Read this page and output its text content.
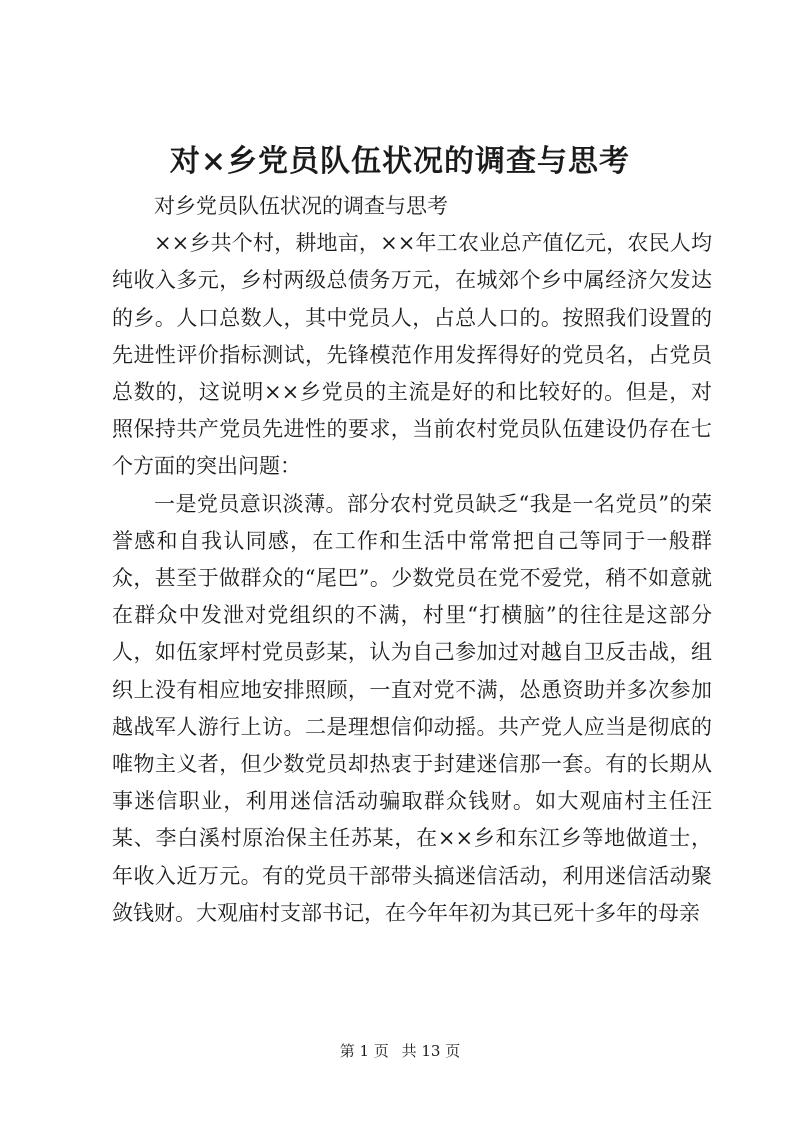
对×乡党员队伍状况的调查与思考

对乡党员队伍状况的调查与思考

××乡共个村，耕地亩，××年工农业总产值亿元，农民人均纯收入多元，乡村两级总债务万元，在城郊个乡中属经济欠发达的乡。人口总数人，其中党员人，占总人口的。按照我们设置的先进性评价指标测试，先锋模范作用发挥得好的党员名，占党员总数的，这说明××乡党员的主流是好的和比较好的。但是，对照保持共产党员先进性的要求，当前农村党员队伍建设仍存在七个方面的突出问题：

一是党员意识淡薄。部分农村党员缺乏“我是一名党员”的荣誉感和自我认同感，在工作和生活中常常把自己等同于一般群众，甚至于做群众的“尾巴”。少数党员在党不爱党，稍不如意就在群众中发泄对党组织的不满，村里“打横脑”的往往是这部分人，如伍家坪村党员彭某，认为自己参加过对越自卫反击战，组织上没有相应地安排照顾，一直对党不满，怂恿资助并多次参加越战军人游行上访。二是理想信仰动摇。共产党人应当是彻底的唯物主义者，但少数党员却热衷于封建迷信那一套。有的长期从事迷信职业，利用迷信活动骗取群众钱财。如大观庙村主任汪某、李白溪村原治保主任苏某，在××乡和东江乡等地做道士，年收入近万元。有的党员干部带头搞迷信活动，利用迷信活动聚敛钱财。大观庙村支部书记，在今年年初为其已死十多年的母亲

第 1 页 共 13 页
